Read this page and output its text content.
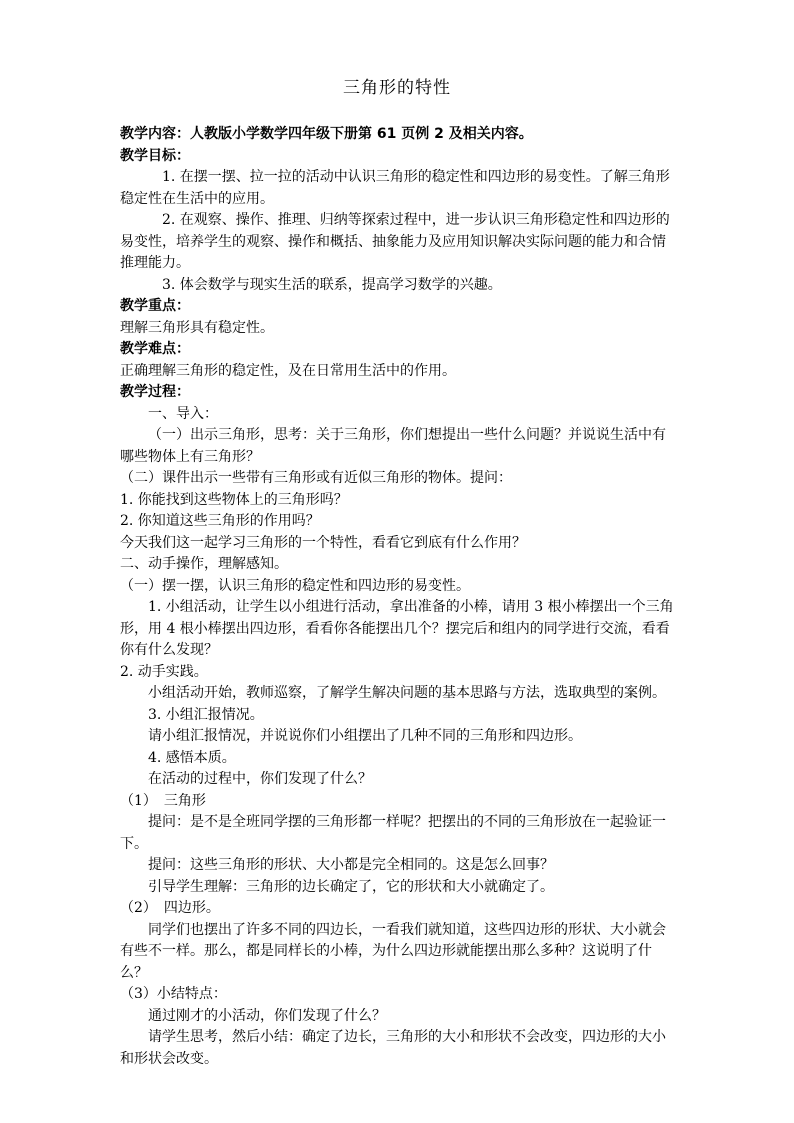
三角形的特性

教学内容：人教版小学数学四年级下册第 61 页例 2 及相关内容。

教学目标：

1. 在摆一摆、拉一拉的活动中认识三角形的稳定性和四边形的易变性。了解三角形稳定性在生活中的应用。

2. 在观察、操作、推理、归纳等探索过程中，进一步认识三角形稳定性和四边形的易变性，培养学生的观察、操作和概括、抽象能力及应用知识解决实际问题的能力和合情推理能力。

3. 体会数学与现实生活的联系，提高学习数学的兴趣。

教学重点：

理解三角形具有稳定性。

教学难点：

正确理解三角形的稳定性，及在日常用生活中的作用。

教学过程：

一、导入：

（一）出示三角形，思考：关于三角形，你们想提出一些什么问题？并说说生活中有哪些物体上有三角形？

（二）课件出示一些带有三角形或有近似三角形的物体。提问：

1. 你能找到这些物体上的三角形吗？

2. 你知道这些三角形的作用吗？

今天我们这一起学习三角形的一个特性，看看它到底有什么作用？

二、动手操作，理解感知。

（一）摆一摆，认识三角形的稳定性和四边形的易变性。

1. 小组活动，让学生以小组进行活动，拿出准备的小棒，请用 3 根小棒摆出一个三角形，用 4 根小棒摆出四边形，看看你各能摆出几个？摆完后和组内的同学进行交流，看看你有什么发现？

2. 动手实践。

小组活动开始，教师巡察，了解学生解决问题的基本思路与方法，选取典型的案例。

3. 小组汇报情况。

请小组汇报情况，并说说你们小组摆出了几种不同的三角形和四边形。

4. 感悟本质。

在活动的过程中，你们发现了什么？

（1）　三角形

提问：是不是全班同学摆的三角形都一样呢？把摆出的不同的三角形放在一起验证一下。

提问：这些三角形的形状、大小都是完全相同的。这是怎么回事？

引导学生理解：三角形的边长确定了，它的形状和大小就确定了。

（2）　四边形。

同学们也摆出了许多不同的四边长，一看我们就知道，这些四边形的形状、大小就会有些不一样。那么，都是同样长的小棒，为什么四边形就能摆出那么多种？这说明了什么？

（3）小结特点：

通过刚才的小活动，你们发现了什么？

请学生思考，然后小结：确定了边长，三角形的大小和形状不会改变，四边形的大小和形状会改变。
